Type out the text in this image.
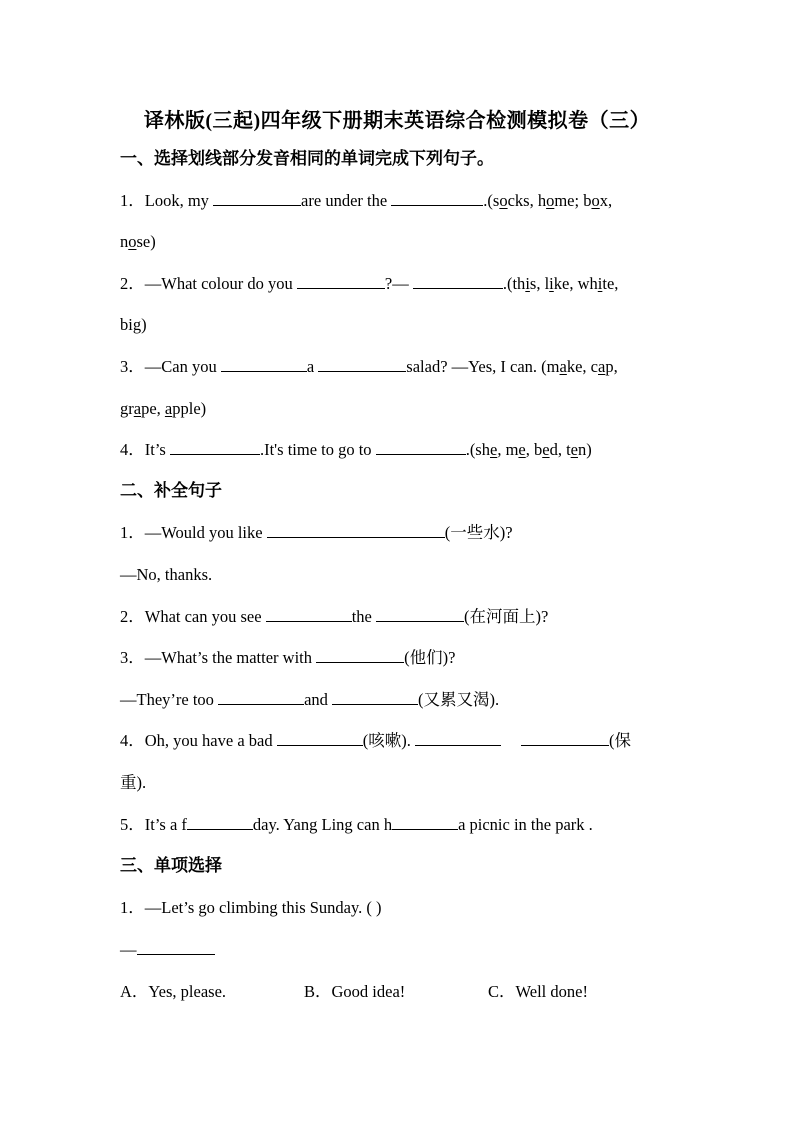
译林版(三起)四年级下册期末英语综合检测模拟卷（三）
一、选择划线部分发音相同的单词完成下列句子。
1．Look, my	are under the	.(socks, home; box,
nose)
2．—What colour do you	?—	.(this, like, white,
big)
3．—Can you	a	salad? —Yes, I can. (make, cap,
grape, apple)
4．It’s	.It's time to go to	.(she, me, bed, ten)
二、补全句子
1．—Would you like	(一些水)?
—No, thanks.
2．What can you see	the	(在河面上)?
3．—What’s the matter with	(他们)?
—They’re too	and	(又累又渴).
4．Oh, you have a bad	(咳嗽).	(保
重).
5．It’s a f	day. Yang Ling can h	a picnic in the park .
三、单项选择
1．—Let’s go climbing this Sunday. ( )
—
A．Yes, please.	B．Good idea!	C．Well done!
